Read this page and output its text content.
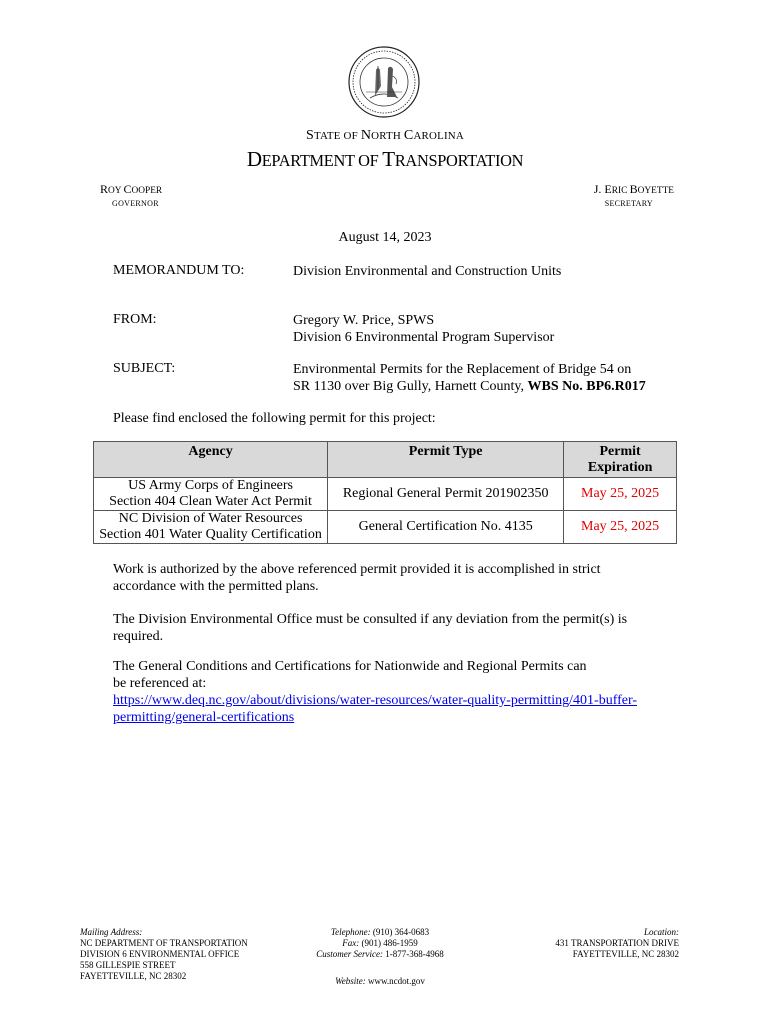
STATE OF NORTH CAROLINA
DEPARTMENT OF TRANSPORTATION
ROY COOPER
GOVERNOR
J. ERIC BOYETTE
SECRETARY
August 14, 2023
MEMORANDUM TO:	Division Environmental and Construction Units
FROM:	Gregory W. Price, SPWS
Division 6 Environmental Program Supervisor
SUBJECT:	Environmental Permits for the Replacement of Bridge 54 on
SR 1130 over Big Gully, Harnett County, WBS No. BP6.R017

Please find enclosed the following permit for this project:

Agency	Permit Type	Permit Expiration

US Army Corps of Engineers
Section 404 Clean Water Act Permit	Regional General Permit 201902350	May 25, 2025

NC Division of Water Resources
Section 401 Water Quality Certification	General Certification No. 4135	May 25, 2025

Work is authorized by the above referenced permit provided it is accomplished in strict accordance with the permitted plans.

The Division Environmental Office must be consulted if any deviation from the permit(s) is required.

The General Conditions and Certifications for Nationwide and Regional Permits can be referenced at:

https://www.deq.nc.gov/about/divisions/water-resources/water-quality-permitting/401-buffer-permitting/general-certifications
Mailing Address:
NC DEPARTMENT OF TRANSPORTATION
DIVISION 6 ENVIRONMENTAL OFFICE
558 GILLESPIE STREET
FAYETTEVILLE, NC 28302
Telephone: (910) 364-0683
Fax: (901) 486-1959
Customer Service: 1-877-368-4968
Website: www.ncdot.gov
Location:
431 TRANSPORTATION DRIVE
FAYETTEVILLE, NC 28302
